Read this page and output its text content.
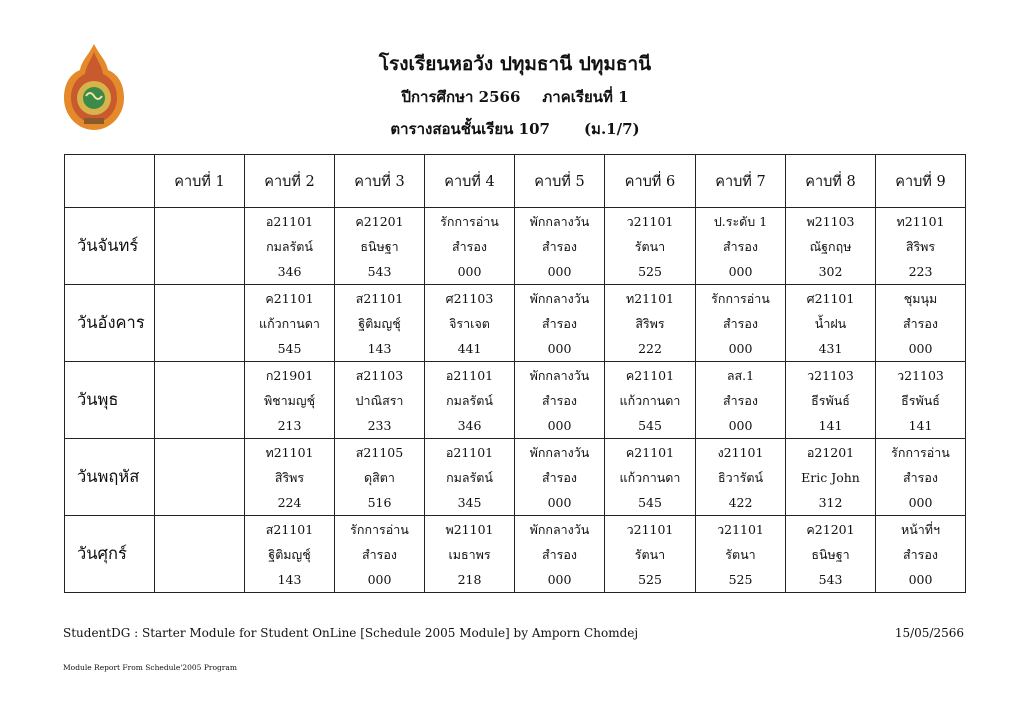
โรงเรียนหอวัง ปทุมธานี ปทุมธานี
ปีการศึกษา 2566 ภาคเรียนที่ 1
ตารางสอนชั้นเรียน 107 (ม.1/7)
	คาบที่ 1	คาบที่ 2	คาบที่ 3	คาบที่ 4	คาบที่ 5	คาบที่ 6	คาบที่ 7	คาบที่ 8	คาบที่ 9
วันจันทร์		อ21101
กมลรัตน์
346	ค21201
ธนิษฐา
543	รักการอ่าน
สำรอง
000	พักกลางวัน
สำรอง
000	ว21101
รัตนา
525	ป.ระดับ 1
สำรอง
000	พ21103
ณัฐกฤษ
302	ท21101
สิริพร
223

วันอังคาร		ค21101
แก้วกานดา
545	ส21101
ฐิติมญชุ์
143	ศ21103
จิราเจต
441	พักกลางวัน
สำรอง
000	ท21101
สิริพร
222	รักการอ่าน
สำรอง
000	ศ21101
น้ำฝน
431	ชุมนุม
สำรอง
000

วันพุธ		ก21901
พิชามญชุ์
213	ส21103
ปาณิสรา
233	อ21101
กมลรัตน์
346	พักกลางวัน
สำรอง
000	ค21101
แก้วกานดา
545	ลส.1
สำรอง
000	ว21103
ธีรพันธ์
141	ว21103
ธีรพันธ์
141

วันพฤหัส		ท21101
สิริพร
224	ส21105
ดุสิตา
516	อ21101
กมลรัตน์
345	พักกลางวัน
สำรอง
000	ค21101
แก้วกานดา
545	ง21101
ธิวารัตน์
422	อ21201
Eric John
312	รักการอ่าน
สำรอง
000

วันศุกร์		ส21101
ฐิติมญชุ์
143	รักการอ่าน
สำรอง
000	พ21101
เมธาพร
218	พักกลางวัน
สำรอง
000	ว21101
รัตนา
525	ว21101
รัตนา
525	ค21201
ธนิษฐา
543	หน้าที่ฯ
สำรอง
000
StudentDG : Starter Module for Student OnLine [Schedule 2005 Module] by Amporn Chomdej	15/05/2566
Module Report From Schedule'2005 Program
